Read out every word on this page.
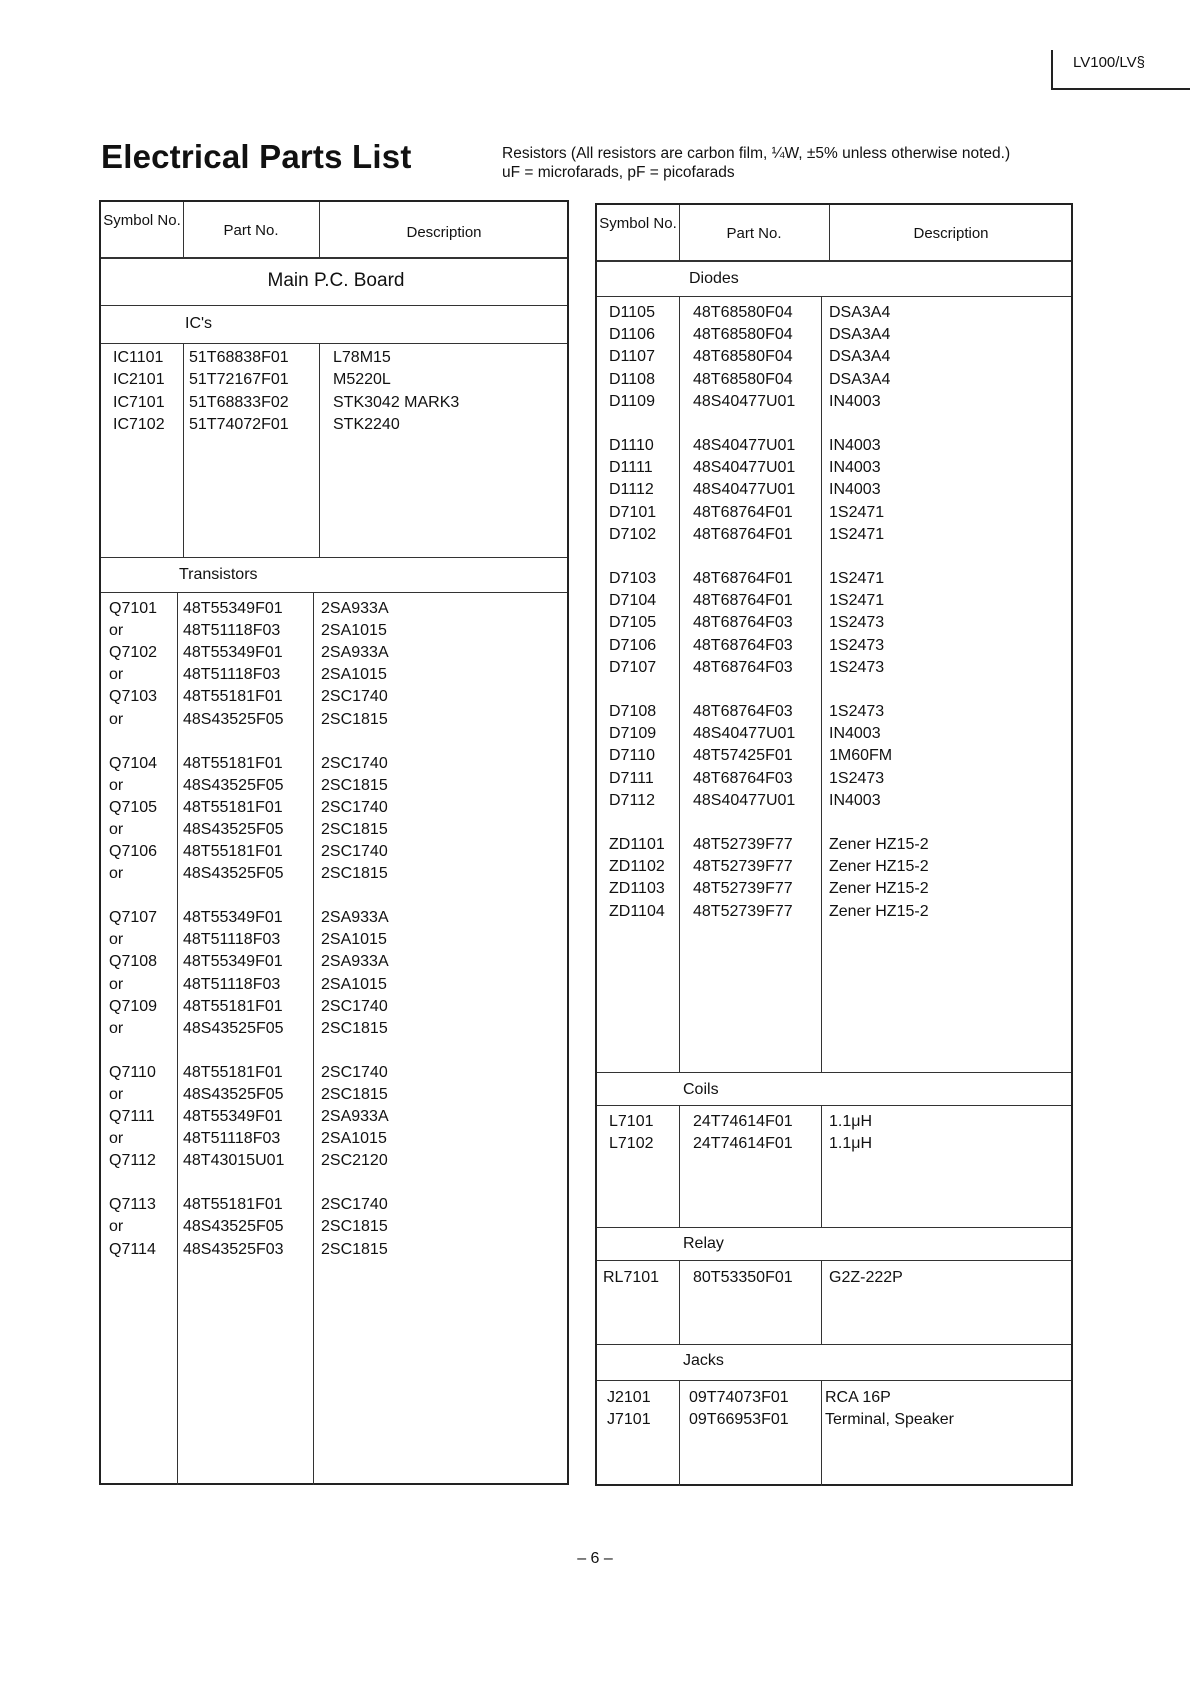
LV100/LV§
Electrical Parts List	Resistors (All resistors are carbon film, ¼W, ±5% unless otherwise noted.)
uF = microfarads, pF = picofarads
Symbol No.
Part No.	Description
Main P.C. Board
IC's
IC1101 51T68838F01	L78M15
IC2101 51T72167F01	M5220L
IC7101 51T68833F02	STK3042 MARK3
IC7102 51T74072F01	STK2240
Transistors
Q7101 48T55349F01 2SA933A
or	48T51118F03	2SA1015
Q7102 48T55349F01 2SA933A
or	48T51118F03	2SA1015
Q7103 48T55181F01 2SC1740
or	48S43525F05 2SC1815
Q7104 48T55181F01 2SC1740
or	48S43525F05 2SC1815
Q7105 48T55181F01 2SC1740
or	48S43525F05 2SC1815
Q7106 48T55181F01 2SC1740
or	48S43525F05 2SC1815
Q7107 48T55349F01 2SA933A
or	48T51118F03	2SA1015
Q7108 48T55349F01 2SA933A
or	48T51118F03	2SA1015
Q7109 48T55181F01 2SC1740
or	48S43525F05 2SC1815
Q7110 48T55181F01 2SC1740
or	48S43525F05 2SC1815
Q7111 48T55349F01 2SA933A
or	48T51118F03	2SA1015
Q7112 48T43015U01 2SC2120
Q7113 48T55181F01 2SC1740
or	48S43525F05 2SC1815
Q7114 48S43525F03 2SC1815
Symbol No.
Part No.	Description
Diodes
D1105 48T68580F04 DSA3A4
D1106 48T68580F04 DSA3A4
D1107 48T68580F04 DSA3A4
D1108 48T68580F04 DSA3A4
D1109 48S40477U01 IN4003
D1110 48S40477U01 IN4003
D1111	48S40477U01 IN4003
D1112 48S40477U01 IN4003
D7101 48T68764F01 1S2471
D7102 48T68764F01 1S2471
D7103 48T68764F01 1S2471
D7104 48T68764F01 1S2471
D7105 48T68764F03 1S2473
D7106 48T68764F03 1S2473
D7107 48T68764F03 1S2473
D7108 48T68764F03 1S2473
D7109 48S40477U01 IN4003
D7110 48T57425F01 1M60FM
D7111 48T68764F03 1S2473
D7112 48S40477U01 IN4003
ZD1101 48T52739F77 Zener HZ15-2
ZD1102 48T52739F77 Zener HZ15-2
ZD1103 48T52739F77 Zener HZ15-2
ZD1104 48T52739F77 Zener HZ15-2
Coils
L7101 24T74614F01 1.1μH
L7102 24T74614F01 1.1μH
Relay
RL7101 80T53350F01 G2Z-222P
Jacks
J2101 09T74073F01 RCA 16P
J7101 09T66953F01 Terminal, Speaker
– 6 –
